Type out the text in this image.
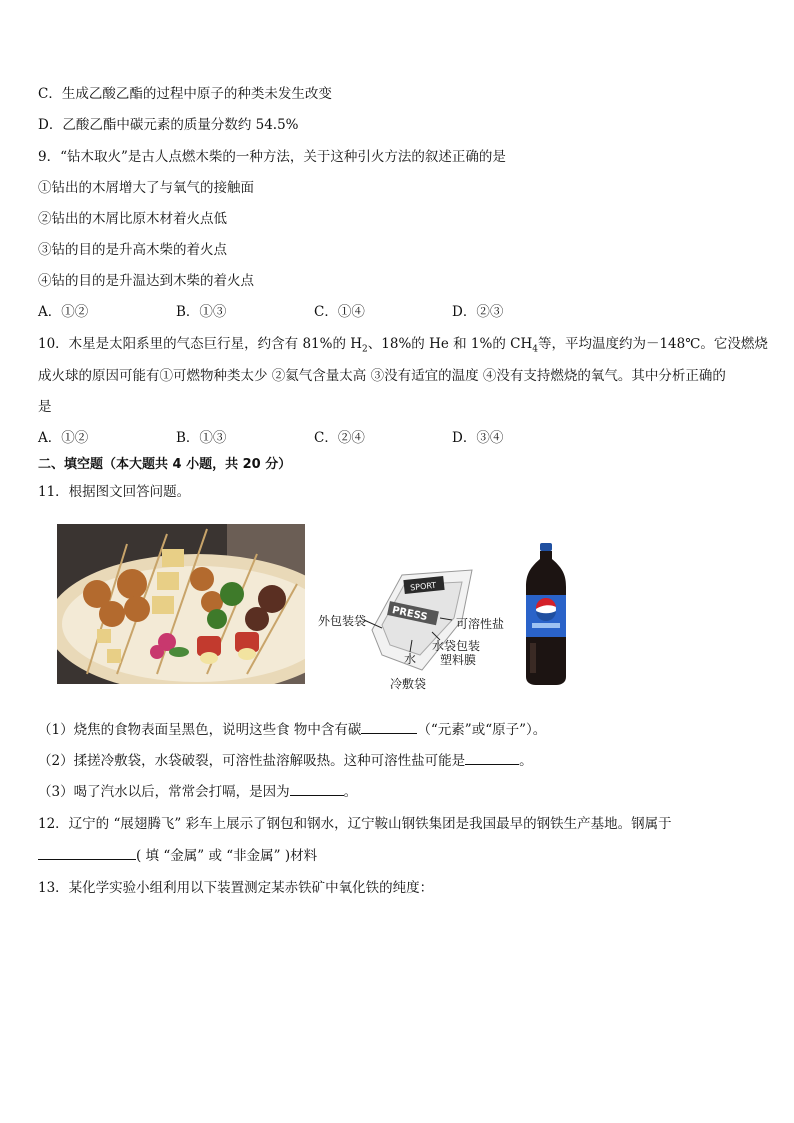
C．生成乙酸乙酯的过程中原子的种类未发生改变
D．乙酸乙酯中碳元素的质量分数约 54.5%
9．“钻木取火”是古人点燃木柴的一种方法，关于这种引火方法的叙述正确的是
①钻出的木屑增大了与氧气的接触面
②钻出的木屑比原木材着火点低
③钻的目的是升高木柴的着火点
④钻的目的是升温达到木柴的着火点
A．①②	B．①③	C．①④	D．②③
10．木星是太阳系里的气态巨行星，约含有 81%的 $H_2$、18%的 He 和 1%的 $CH_4$等，平均温度约为－148℃。它没燃烧
成火球的原因可能有①可燃物种类太少 ②氦气含量太高 ③没有适宜的温度 ④没有支持燃烧的氧气。其中分析正确的
是
A．①②	B．①③	C．②④	D．③④
二、填空题（本大题共 4 小题，共 20 分）
11．根据图文回答问题。
SPORT
PRESS
外包装袋	可溶性盐
水袋包装
塑料膜
水
冷敷袋
（1）烧焦的食物表面呈黑色，说明这些食 物中含有碳	（“元素”或“原子”）。
（2）揉搓冷敷袋，水袋破裂，可溶性盐溶解吸热。这种可溶性盐可能是	。
（3）喝了汽水以后，常常会打嗝，是因为	。
12．辽宁的 “展翅腾飞” 彩车上展示了钢包和钢水，辽宁鞍山钢铁集团是我国最早的钢铁生产基地。钢属于
( 填 “金属” 或 “非金属” )材料
13．某化学实验小组利用以下装置测定某赤铁矿中氧化铁的纯度：
